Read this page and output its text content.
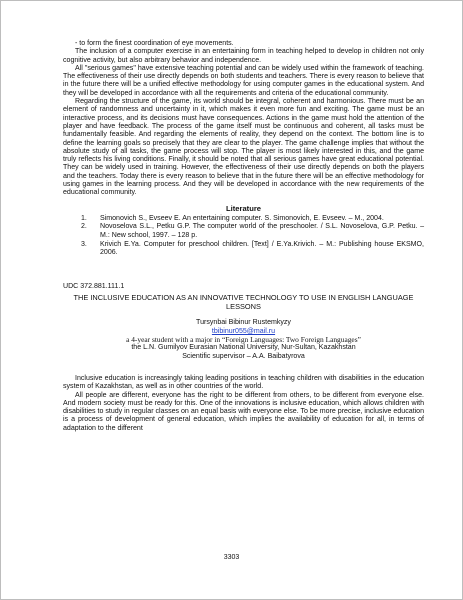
- to form the finest coordination of eye movements.

The inclusion of a computer exercise in an entertaining form in teaching helped to develop in children not only cognitive activity, but also arbitrary behavior and independence.

All "serious games" have extensive teaching potential and can be widely used within the framework of teaching. The effectiveness of their use directly depends on both students and teachers. There is every reason to believe that in the future there will be a unified effective methodology for using computer games in the educational system. And they will be developed in accordance with all the requirements and criteria of the educational community.

Regarding the structure of the game, its world should be integral, coherent and harmonious. There must be an element of randomness and uncertainty in it, which makes it even more fun and exciting. The game must be an interactive process, and its decisions must have consequences. Actions in the game must hold the attention of the player and have feedback. The process of the game itself must be continuous and coherent, all tasks must be fundamentally feasible. And regarding the elements of reality, they depend on the context. The bottom line is to define the learning goals so precisely that they are clear to the player. The game challenge implies that without the absolute study of all tasks, the game process will stop. The player is most likely interested in this, and the game truly reflects his living conditions. Finally, it should be noted that all serious games have great educational potential. They can be widely used in training. However, the effectiveness of their use directly depends on both the players and the teachers. Today there is every reason to believe that in the future there will be an effective methodology for using games in the learning process. And they will be developed in accordance with the new requirements of the educational community.

Literature
1. Simonovich S., Evseev E. An entertaining computer. S. Simonovich, E. Evseev. – M., 2004.
2. Novoselova S.L., Petku G.P. The computer world of the preschooler. / S.L. Novoselova, G.P. Petku. – M.: New school, 1997. – 128 p.
3. Krivich E.Ya. Computer for preschool children. [Text] / E.Ya.Krivich. – M.: Publishing house EKSMO, 2006.
UDC 372.881.111.1
THE INCLUSIVE EDUCATION AS AN INNOVATIVE TECHNOLOGY TO USE IN ENGLISH LANGUAGE LESSONS
Tursynbai Bibinur Rustemkyzy
tbibinur055@mail.ru
a 4-year student with a major in “Foreign Languages: Two Foreign Languages”
the L.N. Gumilyov Eurasian National University, Nur-Sultan, Kazakhstan
Scientific supervisor – A.A. Baibatyrova

Inclusive education is increasingly taking leading positions in teaching children with disabilities in the education system of Kazakhstan, as well as in other countries of the world.

All people are different, everyone has the right to be different from others, to be different from everyone else. And modern society must be ready for this. One of the innovations is inclusive education, which allows children with disabilities to study in regular classes on an equal basis with everyone else. To be more precise, inclusive education is a process of development of general education, which implies the availability of education for all, in terms of adaptation to the different

3303
